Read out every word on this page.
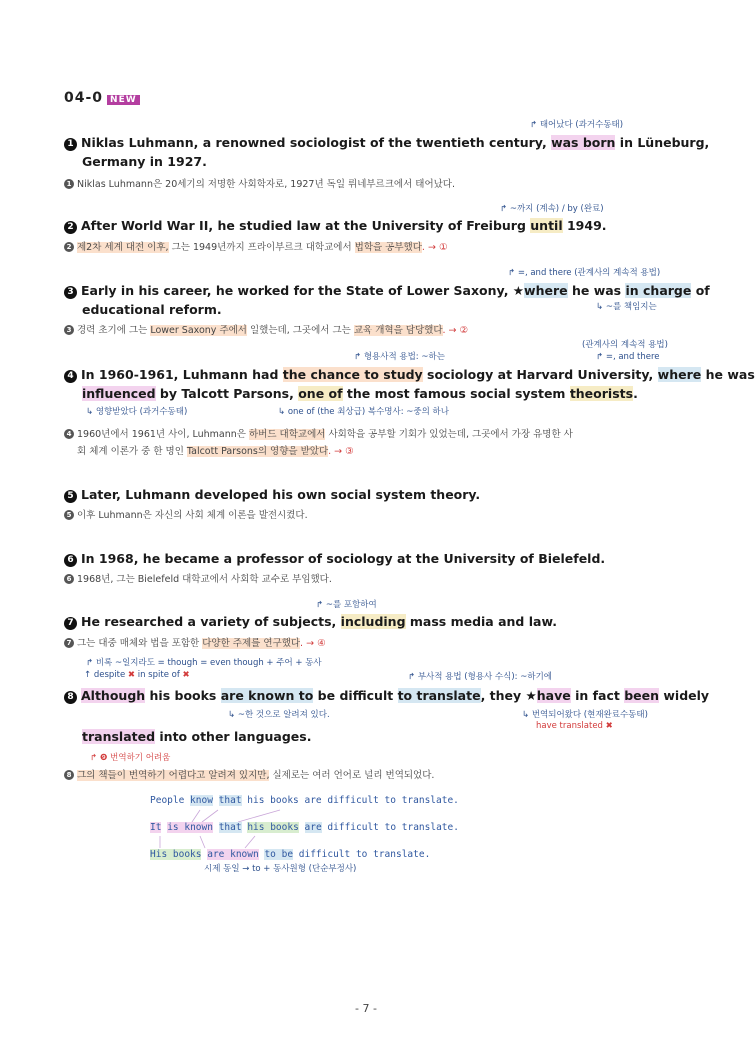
04-0 NEW
↱ 태어났다 (과거수동태)
1 Niklas Luhmann, a renowned sociologist of the twentieth century, was born in Lüneburg,
Germany in 1927.
1 Niklas Luhmann은 20세기의 저명한 사회학자로, 1927년 독일 뤼네부르크에서 태어났다.
↱ ~까지 (계속) / by (완료)
2 After World War II, he studied law at the University of Freiburg until 1949.
2 제2차 세계 대전 이후, 그는 1949년까지 프라이부르크 대학교에서 법학을 공부했다. → ①
↱ =, and there (관계사의 계속적 용법)
3 Early in his career, he worked for the State of Lower Saxony, ★where he was in charge of
educational reform.	↳ ~를 책임지는
3 경력 초기에 그는 Lower Saxony 주에서 일했는데, 그곳에서 그는 교육 개혁을 담당했다. → ②
(관계사의 계속적 용법)
↱ 형용사적 용법: ~하는	↱ =, and there
4 In 1960-1961, Luhmann had the chance to study sociology at Harvard University, where he was
influenced by Talcott Parsons, one of the most famous social system theorists.
↳ 영향받았다 (과거수동태)	↳ one of (the 최상급) 복수명사: ~중의 하나
4 1960년에서 1961년 사이, Luhmann은 하버드 대학교에서 사회학을 공부할 기회가 있었는데, 그곳에서 가장 유명한 사
회 체계 이론가 중 한 명인 Talcott Parsons의 영향을 받았다. → ③
5 Later, Luhmann developed his own social system theory.
5 이후 Luhmann은 자신의 사회 체계 이론을 발전시켰다.
6 In 1968, he became a professor of sociology at the University of Bielefeld.
6 1968년, 그는 Bielefeld 대학교에서 사회학 교수로 부임했다.
↱ ~를 포함하여
7 He researched a variety of subjects, including mass media and law.
7 그는 대중 매체와 법을 포함한 다양한 주제를 연구했다. → ④
↱ 비록 ~일지라도 = though = even though + 주어 + 동사
↑ despite ✖ in spite of ✖	↱ 부사적 용법 (형용사 수식): ~하기에
8 Although his books are known to be difficult to translate, they ★have in fact been widely
↳ ~한 것으로 알려져 있다.	↳ 번역되어왔다 (현재완료수동태)
have translated ✖
translated into other languages.
↱ ❾ 번역하기 어려움
8 그의 책들이 번역하기 어렵다고 알려져 있지만, 실제로는 여러 언어로 널리 번역되었다.
People know that his books are difficult to translate.
It is known that his books are difficult to translate.
His books are known to be difficult to translate.
시제 동일 → to + 동사원형 (단순부정사)
- 7 -
